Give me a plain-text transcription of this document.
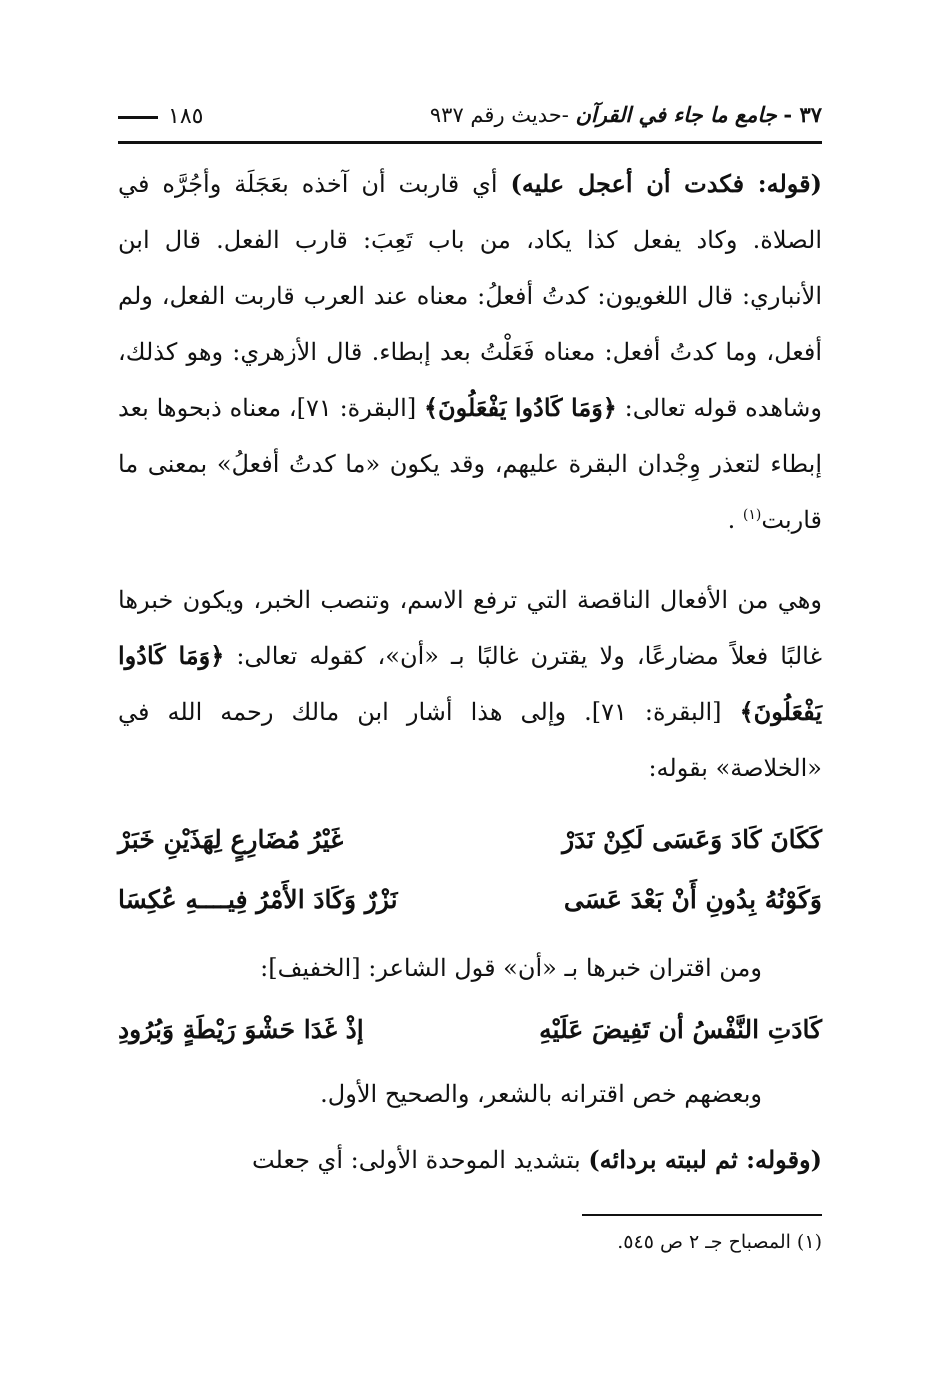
٣٧ - جامع ما جاء في القرآن -حديث رقم ٩٣٧
١٨٥

(قوله: فكدت أن أعجل عليه) أي قاربت أن آخذه بعَجَلَة وأجُرَّه في الصلاة. وكاد يفعل كذا يكاد، من باب تَعِبَ: قارب الفعل. قال ابن الأنباري: قال اللغويون: كدتُ أفعلُ: معناه عند العرب قاربت الفعل، ولم أفعل، وما كدتُ أفعل: معناه فَعَلْتُ بعد إبطاء. قال الأزهري: وهو كذلك، وشاهده قوله تعالى: ﴿وَمَا كَادُوا يَفْعَلُونَ﴾ [البقرة: ٧١]، معناه ذبحوها بعد إبطاء لتعذر وِجْدان البقرة عليهم، وقد يكون «ما كدتُ أفعلُ» بمعنى ما قاربت$^{(١)}$ .

وهي من الأفعال الناقصة التي ترفع الاسم، وتنصب الخبر، ويكون خبرها غالبًا فعلاً مضارعًا، ولا يقترن غالبًا بـ «أن»، كقوله تعالى: ﴿وَمَا كَادُوا يَفْعَلُونَ﴾ [البقرة: ٧١]. وإلى هذا أشار ابن مالك رحمه الله في «الخلاصة» بقوله:

كَكَانَ كَادَ وَعَسَى لَكِنْ نَدَرْ
غَيْرُ مُضَارِعٍ لِهَذَيْنِ خَبَرْ
وَكَوْنُهُ بِدُونِ أَنْ بَعْدَ عَسَى
نَزْرٌ وَكَادَ الأَمْرُ فِيــــهِ عُكِسَا
ومن اقتران خبرها بـ «أن» قول الشاعر: [الخفيف]:
كَادَتِ النَّفْسُ أن تَفِيضَ عَلَيْهِ
إذْ غَدَا حَشْوَ رَيْطَةٍ وَبُرُودِ
وبعضهم خص اقترانه بالشعر، والصحيح الأول.

(وقوله: ثم لببته بردائه) بتشديد الموحدة الأولى: أي جعلت

(١) المصباح جـ ٢ ص ٥٤٥.
